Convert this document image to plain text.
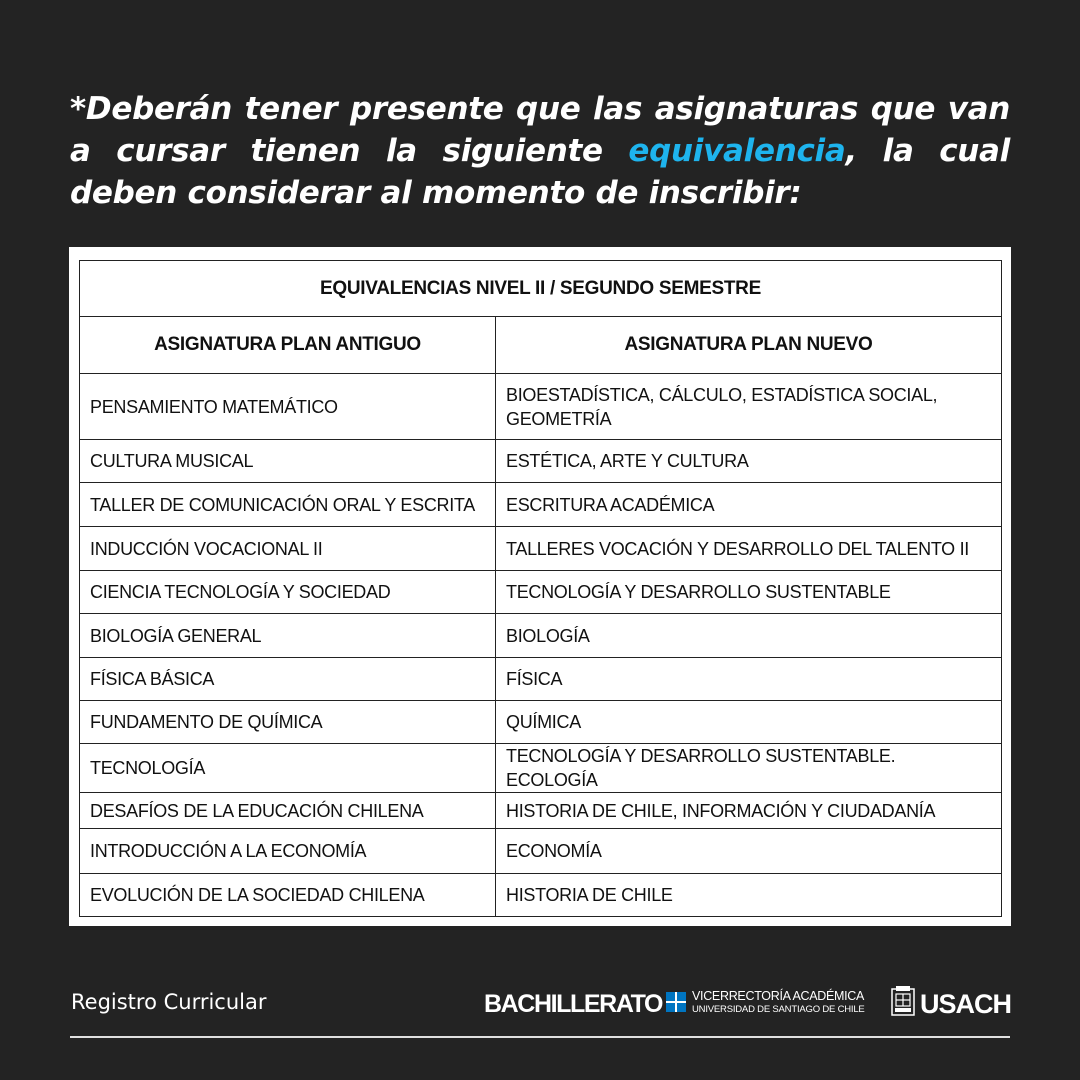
*Deberán tener presente que las asignaturas que van a cursar tienen la siguiente equivalencia, la cual deben considerar al momento de inscribir:
EQUIVALENCIAS NIVEL II / SEGUNDO SEMESTRE	
ASIGNATURA PLAN ANTIGUO	ASIGNATURA PLAN NUEVO
PENSAMIENTO MATEMÁTICO	BIOESTADÍSTICA, CÁLCULO, ESTADÍSTICA SOCIAL, GEOMETRÍA
CULTURA MUSICAL	ESTÉTICA, ARTE Y CULTURA
TALLER DE COMUNICACIÓN ORAL Y ESCRITA	ESCRITURA ACADÉMICA
INDUCCIÓN VOCACIONAL II	TALLERES VOCACIÓN Y DESARROLLO DEL TALENTO II
CIENCIA TECNOLOGÍA Y SOCIEDAD	TECNOLOGÍA Y DESARROLLO SUSTENTABLE
BIOLOGÍA GENERAL	BIOLOGÍA
FÍSICA BÁSICA	FÍSICA
FUNDAMENTO DE QUÍMICA	QUÍMICA
TECNOLOGÍA	TECNOLOGÍA Y DESARROLLO SUSTENTABLE. ECOLOGÍA
DESAFÍOS DE LA EDUCACIÓN CHILENA	HISTORIA DE CHILE, INFORMACIÓN Y CIUDADANÍA
INTRODUCCIÓN A LA ECONOMÍA	ECONOMÍA
EVOLUCIÓN DE LA SOCIEDAD CHILENA	HISTORIA DE CHILE
Registro Curricular	BACHILLERATO VICERRECTORÍA ACADÉMICA
UNIVERSIDAD DE SANTIAGO DE CHILE USACH
